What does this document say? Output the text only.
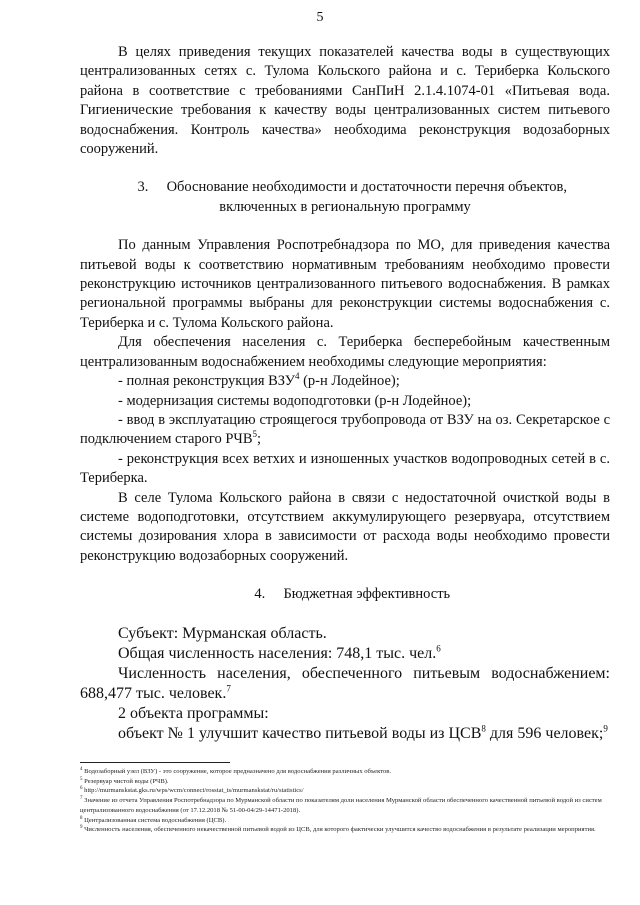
5

В целях приведения текущих показателей качества воды в существующих централизованных сетях с. Тулома Кольского района и с. Териберка Кольского района в соответствие с требованиями СанПиН 2.1.4.1074-01 «Питьевая вода. Гигиенические требования к качеству воды централизованных систем питьевого водоснабжения. Контроль качества» необходима реконструкция водозаборных сооружений.

3. Обоснование необходимости и достаточности перечня объектов,

включенных в региональную программу

По данным Управления Роспотребнадзора по МО, для приведения качества питьевой воды к соответствию нормативным требованиям необходимо провести реконструкцию источников централизованного питьевого водоснабжения. В рамках региональной программы выбраны для реконструкции системы водоснабжения с. Териберка и с. Тулома Кольского района.

Для обеспечения населения с. Териберка бесперебойным качественным централизованным водоснабжением необходимы следующие мероприятия:

- полная реконструкция ВЗУ$^4$ (р-н Лодейное);

- модернизация системы водоподготовки (р-н Лодейное);

- ввод в эксплуатацию строящегося трубопровода от ВЗУ на оз. Секретарское с подключением старого РЧВ$^5$;

- реконструкция всех ветхих и изношенных участков водопроводных сетей в с. Териберка.

В селе Тулома Кольского района в связи с недостаточной очисткой воды в системе водоподготовки, отсутствием аккумулирующего резервуара, отсутствием системы дозирования хлора в зависимости от расхода воды необходимо провести реконструкцию водозаборных сооружений.

4. Бюджетная эффективность

Субъект: Мурманская область.

Общая численность населения: 748,1 тыс. чел.$^6$

Численность населения, обеспеченного питьевым водоснабжением: 688,477 тыс. человек.$^7$

2 объекта программы:

объект № 1 улучшит качество питьевой воды из ЦСВ$^8$ для 596 человек;$^9$

$^4$ Водозаборный узел (ВЗУ) - это сооружение, которое предназначено для водоснабжения различных объектов.

$^5$ Резервуар чистой воды (РЧВ).

$^6$ http://murmanskstat.gks.ru/wps/wcm/connect/rosstat_ts/murmanskstat/ru/statistics/

$^7$ Значение из отчета Управления Роспотребнадзора по Мурманской области по показателям доли населения Мурманской области обеспеченного качественной питьевой водой из систем централизованного водоснабжения (от 17.12.2018 № 51-00-04/29-14471-2018).

$^8$ Централизованная система водоснабжения (ЦСВ).

$^9$ Численность населения, обеспеченного некачественной питьевой водой из ЦСВ, для которого фактически улучшится качество водоснабжения в результате реализации мероприятия.
